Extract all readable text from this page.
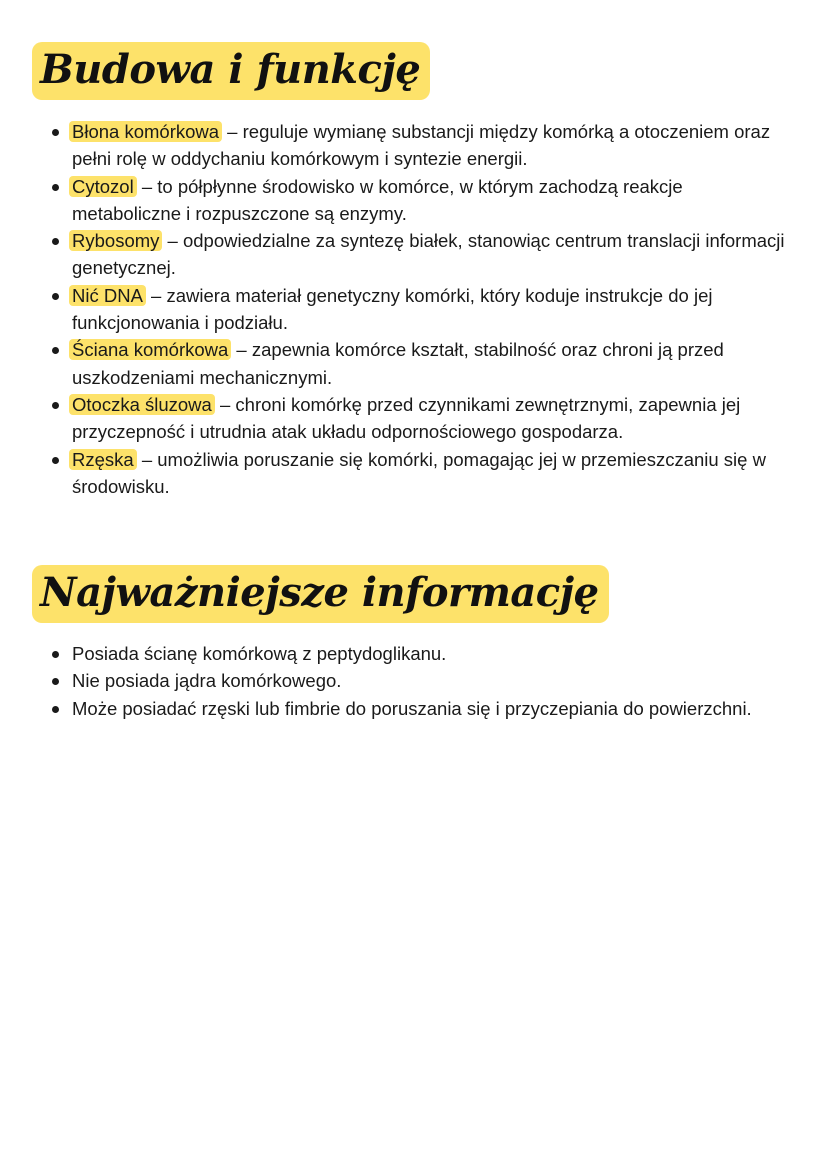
Budowa i funkcję
Błona komórkowa – reguluje wymianę substancji między komórką a otoczeniem oraz pełni rolę w oddychaniu komórkowym i syntezie energii.
Cytozol – to półpłynne środowisko w komórce, w którym zachodzą reakcje metaboliczne i rozpuszczone są enzymy.
Rybosomy – odpowiedzialne za syntezę białek, stanowiąc centrum translacji informacji genetycznej.
Nić DNA – zawiera materiał genetyczny komórki, który koduje instrukcje do jej funkcjonowania i podziału.
Ściana komórkowa – zapewnia komórce kształt, stabilność oraz chroni ją przed uszkodzeniami mechanicznymi.
Otoczka śluzowa – chroni komórkę przed czynnikami zewnętrznymi, zapewnia jej przyczepność i utrudnia atak układu odpornościowego gospodarza.
Rzęska – umożliwia poruszanie się komórki, pomagając jej w przemieszczaniu się w środowisku.
Najważniejsze informację
Posiada ścianę komórkową z peptydoglikanu.
Nie posiada jądra komórkowego.
Może posiadać rzęski lub fimbrie do poruszania się i przyczepiania do powierzchni.
